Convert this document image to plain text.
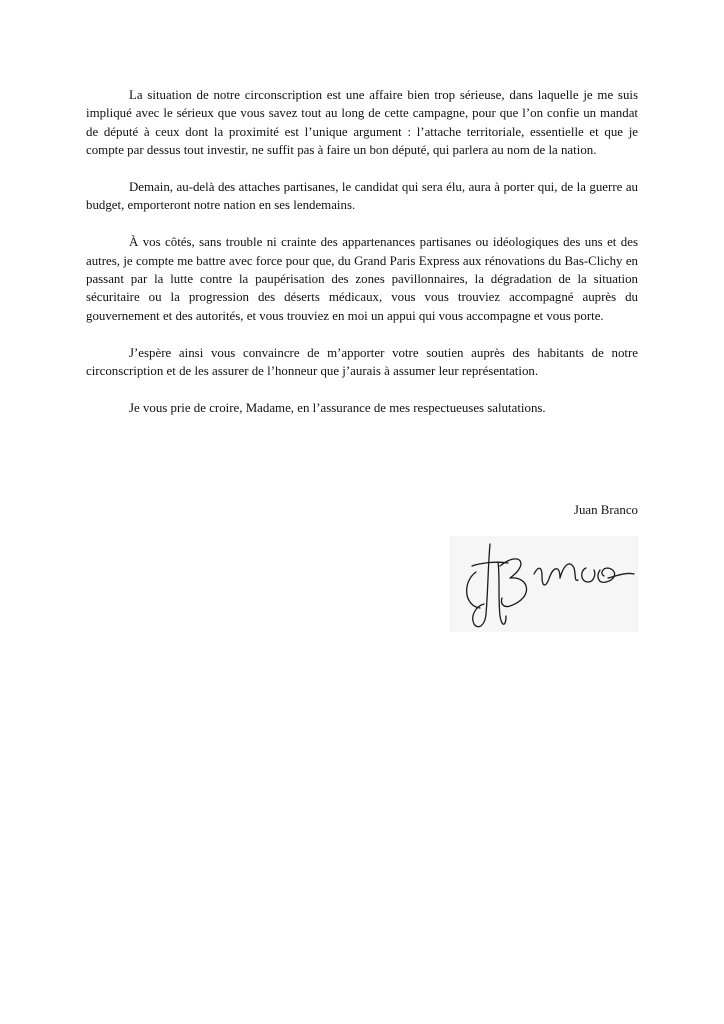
La situation de notre circonscription est une affaire bien trop sérieuse, dans laquelle je me suis impliqué avec le sérieux que vous savez tout au long de cette campagne, pour que l’on confie un mandat de député à ceux dont la proximité est l’unique argument : l’attache territoriale, essentielle et que je compte par dessus tout investir, ne suffit pas à faire un bon député, qui parlera au nom de la nation.

Demain, au-delà des attaches partisanes, le candidat qui sera élu, aura à porter qui, de la guerre au budget, emporteront notre nation en ses lendemains.

À vos côtés, sans trouble ni crainte des appartenances partisanes ou idéologiques des uns et des autres, je compte me battre avec force pour que, du Grand Paris Express aux rénovations du Bas-Clichy en passant par la lutte contre la paupérisation des zones pavillonnaires, la dégradation de la situation sécuritaire ou la progression des déserts médicaux, vous vous trouviez accompagné auprès du gouvernement et des autorités, et vous trouviez en moi un appui qui vous accompagne et vous porte.

J’espère ainsi vous convaincre de m’apporter votre soutien auprès des habitants de notre circonscription et de les assurer de l’honneur que j’aurais à assumer leur représentation.

Je vous prie de croire, Madame, en l’assurance de mes respectueuses salutations.

Juan Branco
